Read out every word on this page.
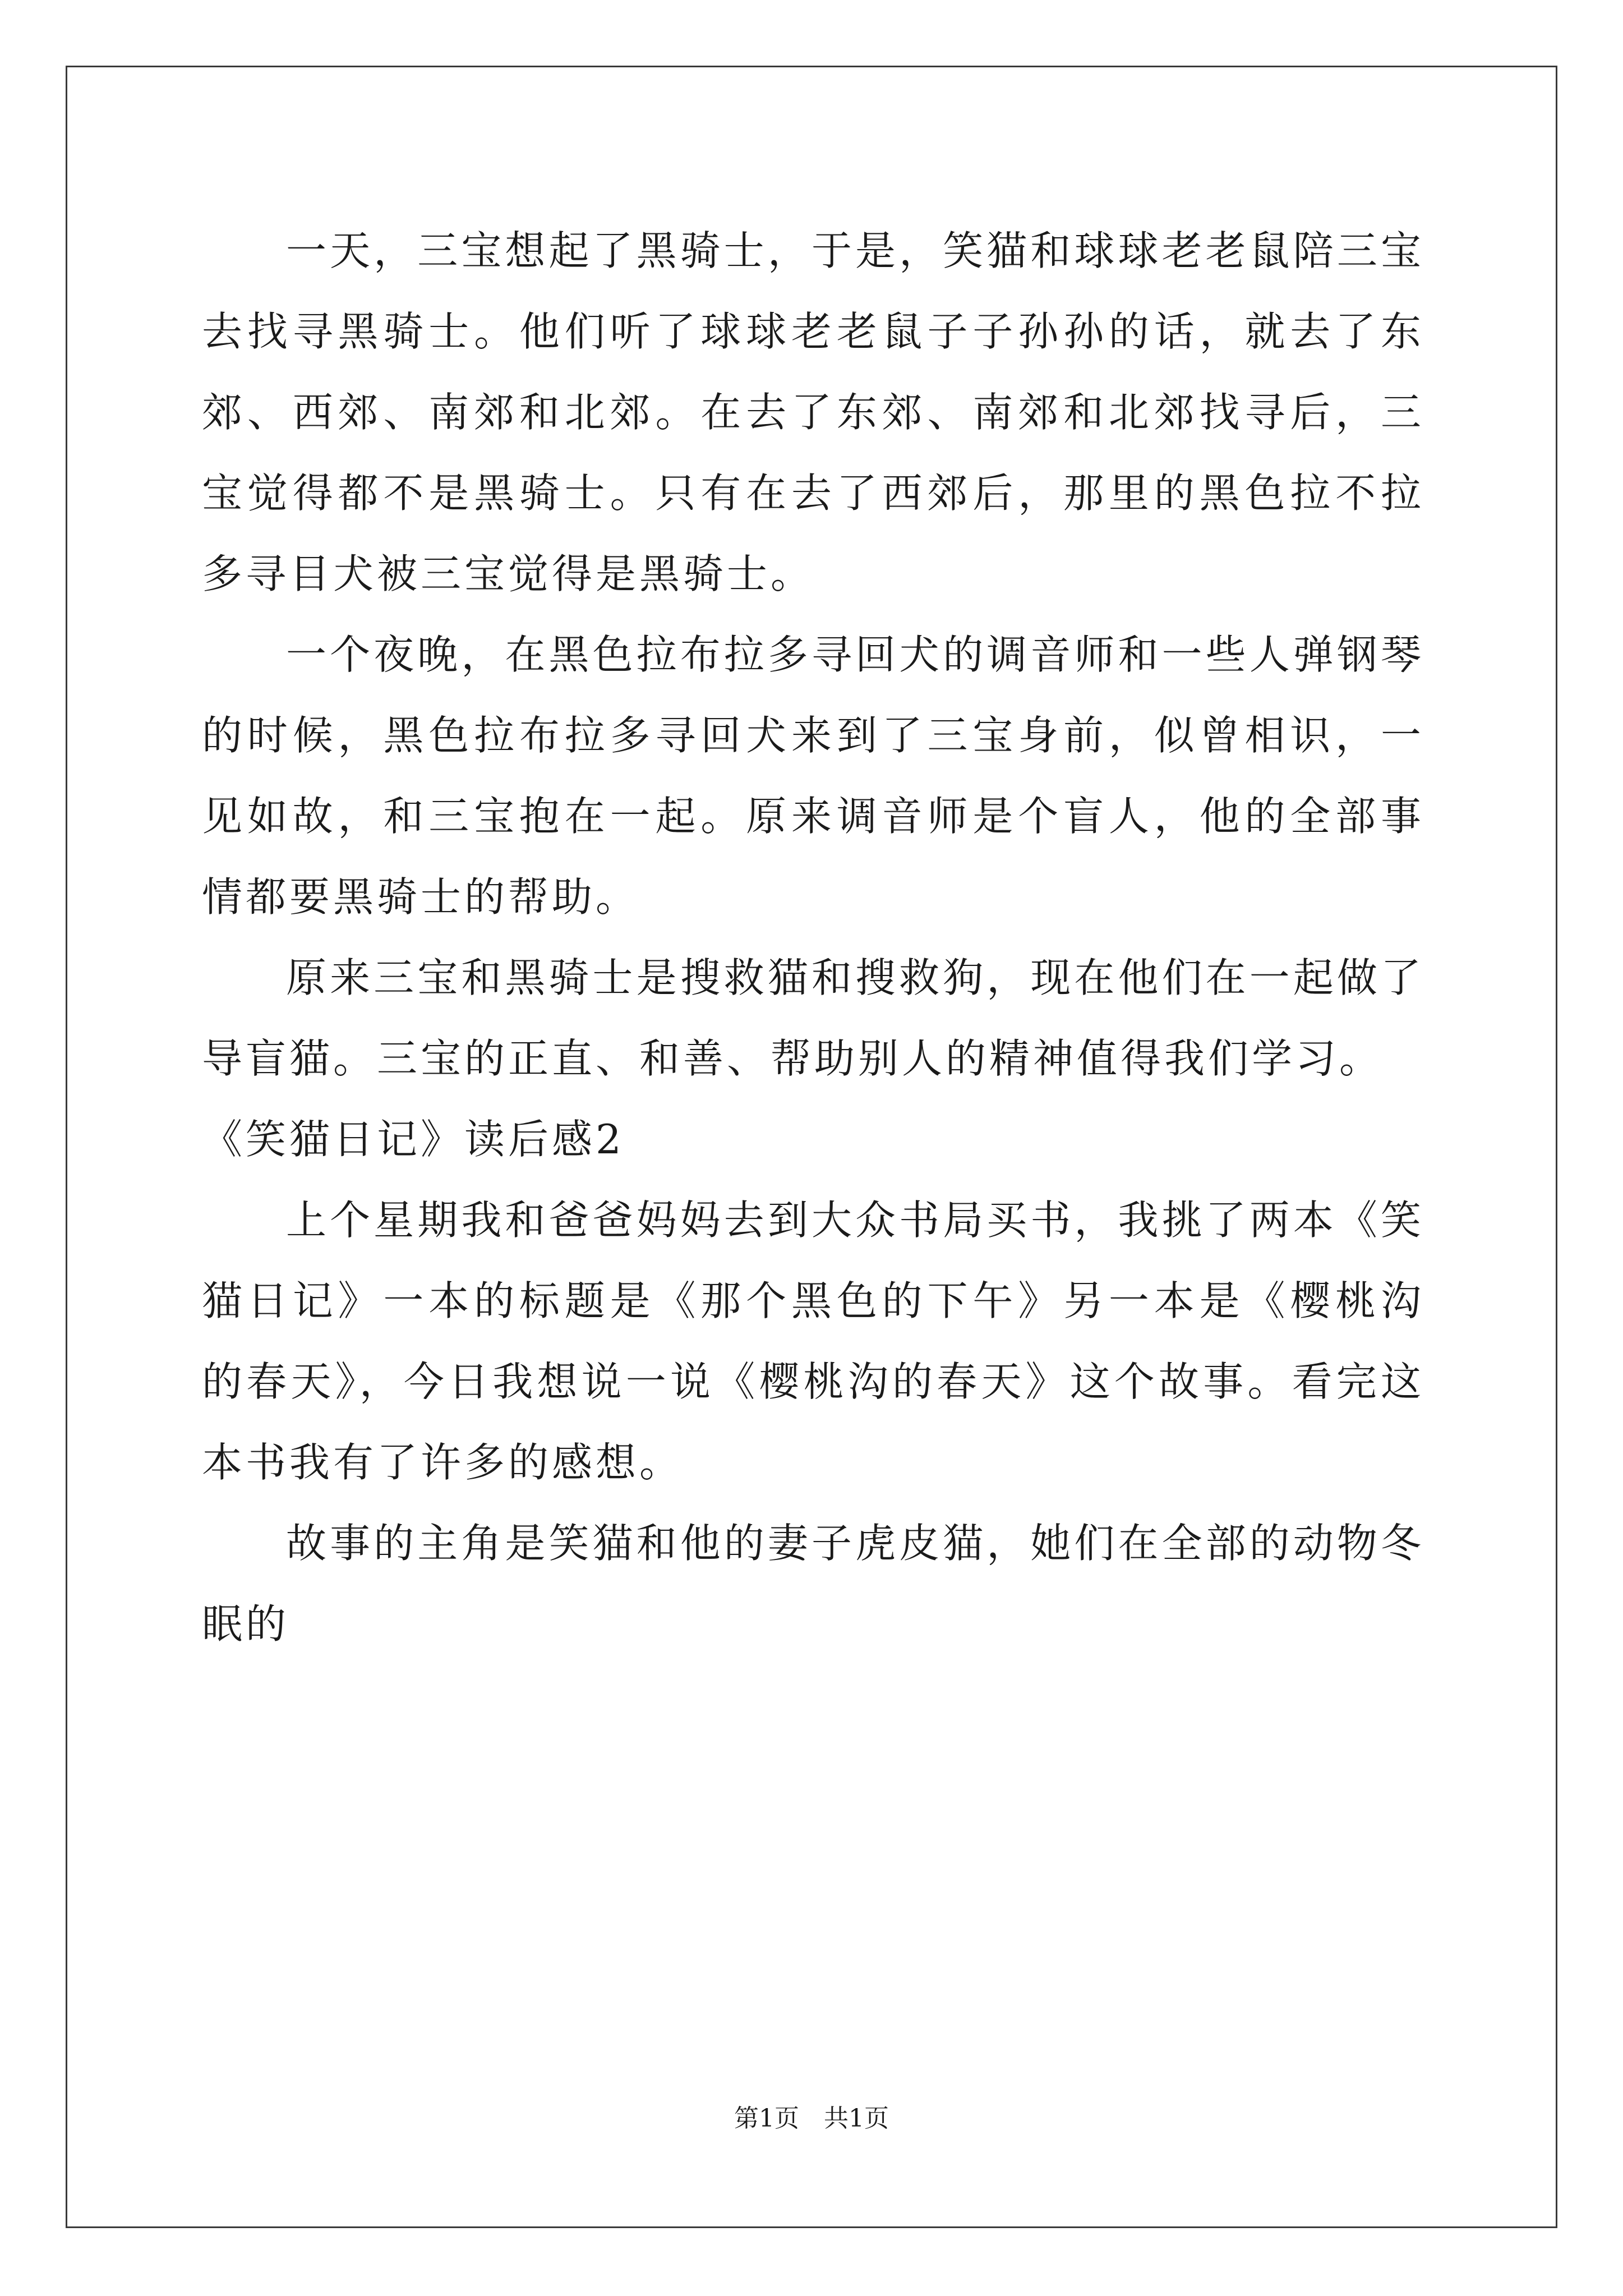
一天，三宝想起了黑骑士，于是，笑猫和球球老老鼠陪三宝去找寻黑骑士。他们听了球球老老鼠子子孙孙的话，就去了东郊、西郊、南郊和北郊。在去了东郊、南郊和北郊找寻后，三宝觉得都不是黑骑士。只有在去了西郊后，那里的黑色拉不拉多寻目犬被三宝觉得是黑骑士。

一个夜晚，在黑色拉布拉多寻回犬的调音师和一些人弹钢琴的时候，黑色拉布拉多寻回犬来到了三宝身前，似曾相识，一见如故，和三宝抱在一起。原来调音师是个盲人，他的全部事情都要黑骑士的帮助。

原来三宝和黑骑士是搜救猫和搜救狗，现在他们在一起做了导盲猫。三宝的正直、和善、帮助别人的精神值得我们学习。

《笑猫日记》读后感2

上个星期我和爸爸妈妈去到大众书局买书，我挑了两本《笑猫日记》一本的标题是《那个黑色的下午》另一本是《樱桃沟的春天》，今日我想说一说《樱桃沟的春天》这个故事。看完这本书我有了许多的感想。

故事的主角是笑猫和他的妻子虎皮猫，她们在全部的动物冬眠的

第1页 共1页
